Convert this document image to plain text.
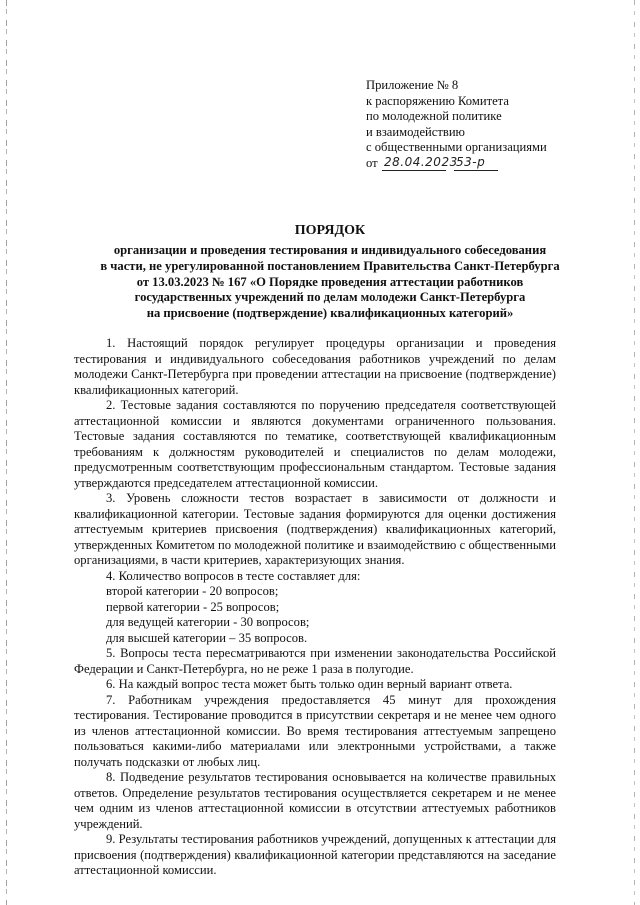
Приложение № 8
к распоряжению Комитета
по молодежной политике
и взаимодействию
с общественными организациями
от 28.04.2023
53-р
ПОРЯДОК
организации и проведения тестирования и индивидуального собеседования
в части, не урегулированной постановлением Правительства Санкт-Петербурга
от 13.03.2023 № 167 «О Порядке проведения аттестации работников
государственных учреждений по делам молодежи Санкт-Петербурга
на присвоение (подтверждение) квалификационных категорий»

1. Настоящий порядок регулирует процедуры организации и проведения тестирования и индивидуального собеседования работников учреждений по делам молодежи Санкт-Петербурга при проведении аттестации на присвоение (подтверждение) квалификационных категорий.

2. Тестовые задания составляются по поручению председателя соответствующей аттестационной комиссии и являются документами ограниченного пользования. Тестовые задания составляются по тематике, соответствующей квалификационным требованиям к должностям руководителей и специалистов по делам молодежи, предусмотренным соответствующим профессиональным стандартом. Тестовые задания утверждаются председателем аттестационной комиссии.

3. Уровень сложности тестов возрастает в зависимости от должности и квалификационной категории. Тестовые задания формируются для оценки достижения аттестуемым критериев присвоения (подтверждения) квалификационных категорий, утвержденных Комитетом по молодежной политике и взаимодействию с общественными организациями, в части критериев, характеризующих знания.

4. Количество вопросов в тесте составляет для:

второй категории - 20 вопросов;

первой категории - 25 вопросов;

для ведущей категории - 30 вопросов;

для высшей категории – 35 вопросов.

5. Вопросы теста пересматриваются при изменении законодательства Российской Федерации и Санкт-Петербурга, но не реже 1 раза в полугодие.

6. На каждый вопрос теста может быть только один верный вариант ответа.

7. Работникам учреждения предоставляется 45 минут для прохождения тестирования. Тестирование проводится в присутствии секретаря и не менее чем одного из членов аттестационной комиссии. Во время тестирования аттестуемым запрещено пользоваться какими-либо материалами или электронными устройствами, а также получать подсказки от любых лиц.

8. Подведение результатов тестирования основывается на количестве правильных ответов. Определение результатов тестирования осуществляется секретарем и не менее чем одним из членов аттестационной комиссии в отсутствии аттестуемых работников учреждений.

9. Результаты тестирования работников учреждений, допущенных к аттестации для присвоения (подтверждения) квалификационной категории представляются на заседание аттестационной комиссии.
